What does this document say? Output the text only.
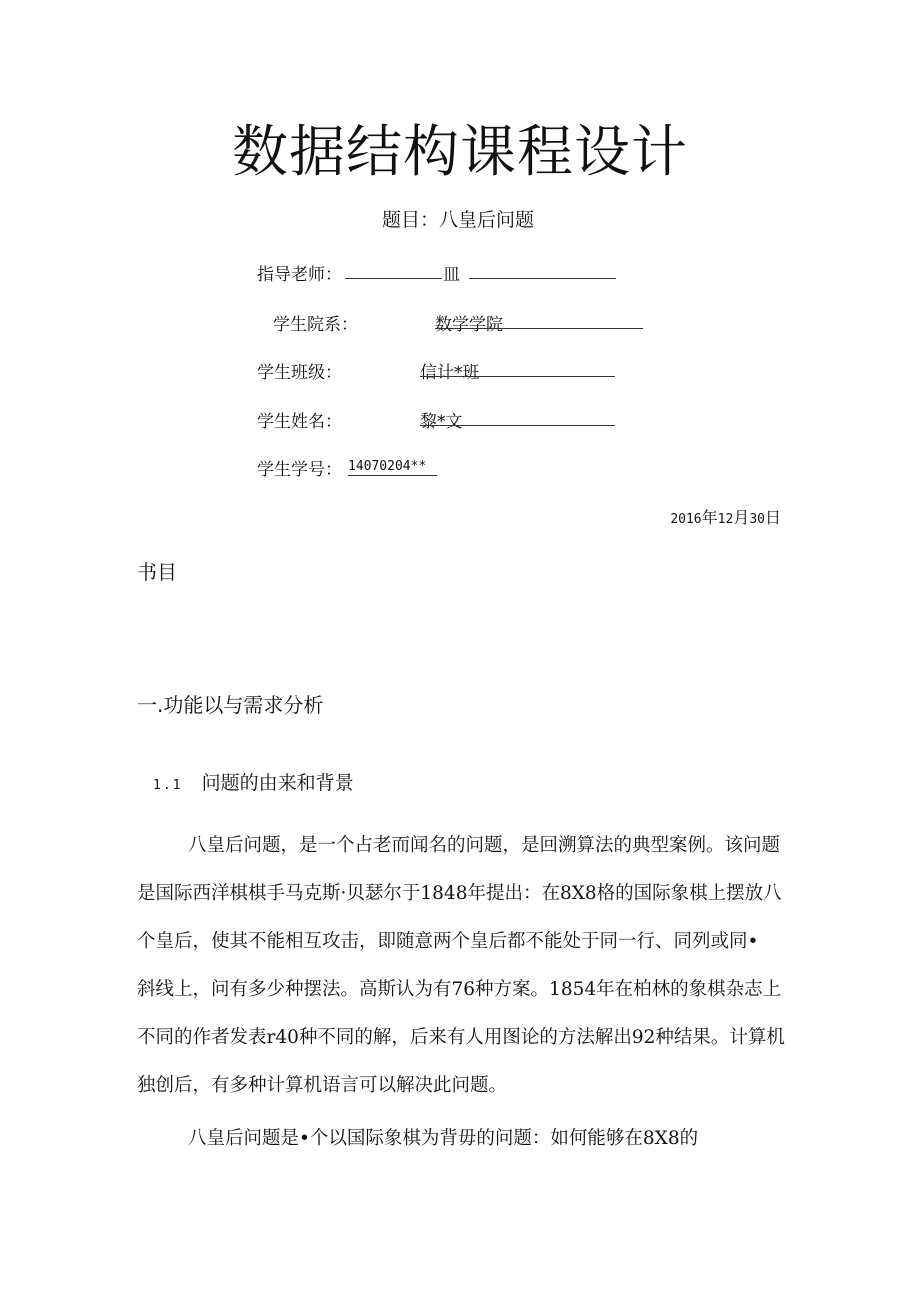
数据结构课程设计
题目：八皇后问题
指导老师：	皿
学生院系：	数学学院
学生班级：	信计*班
学生姓名：	黎*文
学生学号： 14070204**
2016年12月30日
书目
一.功能以与需求分析
1.1 问题的由来和背景
八皇后问题，是一个占老而闻名的问题，是回溯算法的典型案例。该问题
是国际西洋棋棋手马克斯·贝瑟尔于1848年提出：在8X8格的国际象棋上摆放八
个皇后，使其不能相互攻击，即随意两个皇后都不能处于同一行、同列或同•
斜线上，问有多少种摆法。高斯认为有76种方案。1854年在柏林的象棋杂志上
不同的作者发表r40种不同的解，后来有人用图论的方法解出92种结果。计算机
独创后，有多种计算机语言可以解决此问题。
八皇后问题是•个以国际象棋为背毋的问题：如何能够在8X8的
